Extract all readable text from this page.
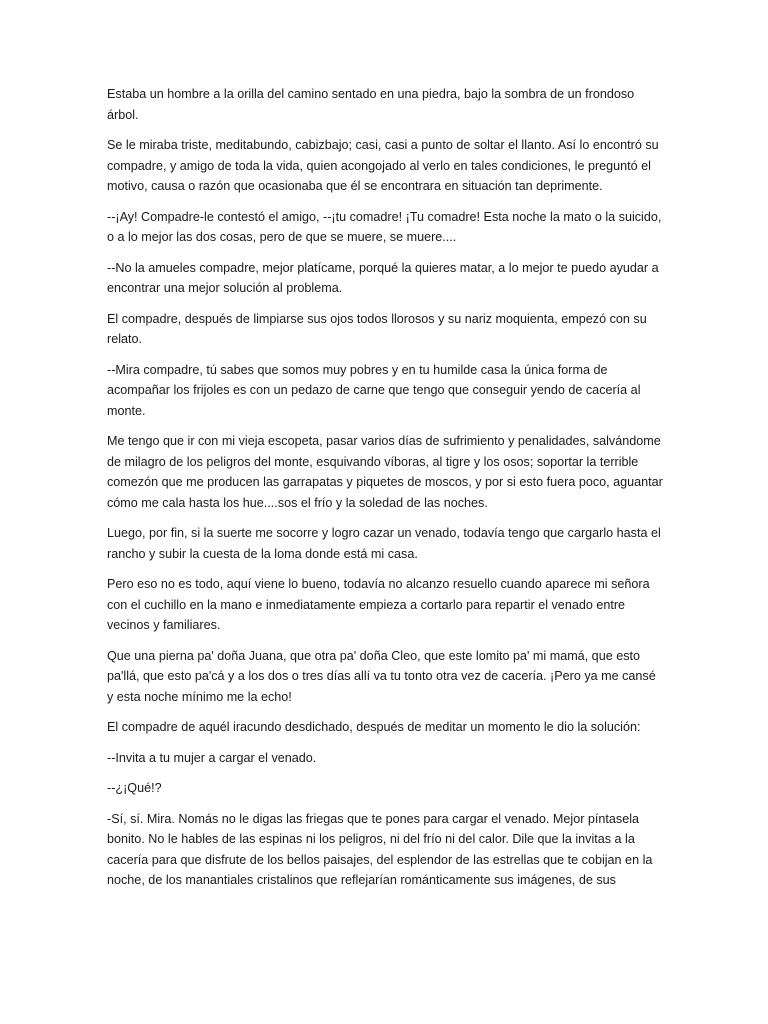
Estaba un hombre a la orilla del camino sentado en una piedra, bajo la sombra de un frondoso árbol.

Se le miraba triste, meditabundo, cabizbajo; casi, casi a punto de soltar el llanto. Así lo encontró su compadre, y amigo de toda la vida, quien acongojado al verlo en tales condiciones, le preguntó el motivo, causa o razón que ocasionaba que él se encontrara en situación tan deprimente.

--¡Ay! Compadre-le contestó el amigo, --¡tu comadre! ¡Tu comadre! Esta noche la mato o la suicido, o a lo mejor las dos cosas, pero de que se muere, se muere....

--No la amueles compadre, mejor platícame, porqué la quieres matar, a lo mejor te puedo ayudar a encontrar una mejor solución al problema.

El compadre, después de limpiarse sus ojos todos llorosos y su nariz moquienta, empezó con su relato.

--Mira compadre, tú sabes que somos muy pobres y en tu humilde casa la única forma de acompañar los frijoles es con un pedazo de carne que tengo que conseguir yendo de cacería al monte.

Me tengo que ir con mi vieja escopeta, pasar varios días de sufrimiento y penalidades, salvándome de milagro de los peligros del monte, esquivando víboras, al tigre y los osos; soportar la terrible comezón que me producen las garrapatas y piquetes de moscos, y por si esto fuera poco, aguantar cómo me cala hasta los hue....sos el frío y la soledad de las noches.

Luego, por fin, si la suerte me socorre y logro cazar un venado, todavía tengo que cargarlo hasta el rancho y subir la cuesta de la loma donde está mi casa.

Pero eso no es todo, aquí viene lo bueno, todavía no alcanzo resuello cuando aparece mi señora con el cuchillo en la mano e inmediatamente empieza a cortarlo para repartir el venado entre vecinos y familiares.

Que una pierna pa' doña Juana, que otra pa' doña Cleo, que este lomito pa' mi mamá, que esto pa'llá, que esto pa'cá y a los dos o tres días allí va tu tonto otra vez de cacería. ¡Pero ya me cansé y esta noche mínimo me la echo!

El compadre de aquél iracundo desdichado, después de meditar un momento le dio la solución:

--Invita a tu mujer a cargar el venado.

--¿¡Qué!?

-Sí, sí. Mira. Nomás no le digas las friegas que te pones para cargar el venado. Mejor píntasela bonito. No le hables de las espinas ni los peligros, ni del frío ni del calor. Dile que la invitas a la cacería para que disfrute de los bellos paisajes, del esplendor de las estrellas que te cobijan en la noche, de los manantiales cristalinos que reflejarían románticamente sus imágenes, de sus
